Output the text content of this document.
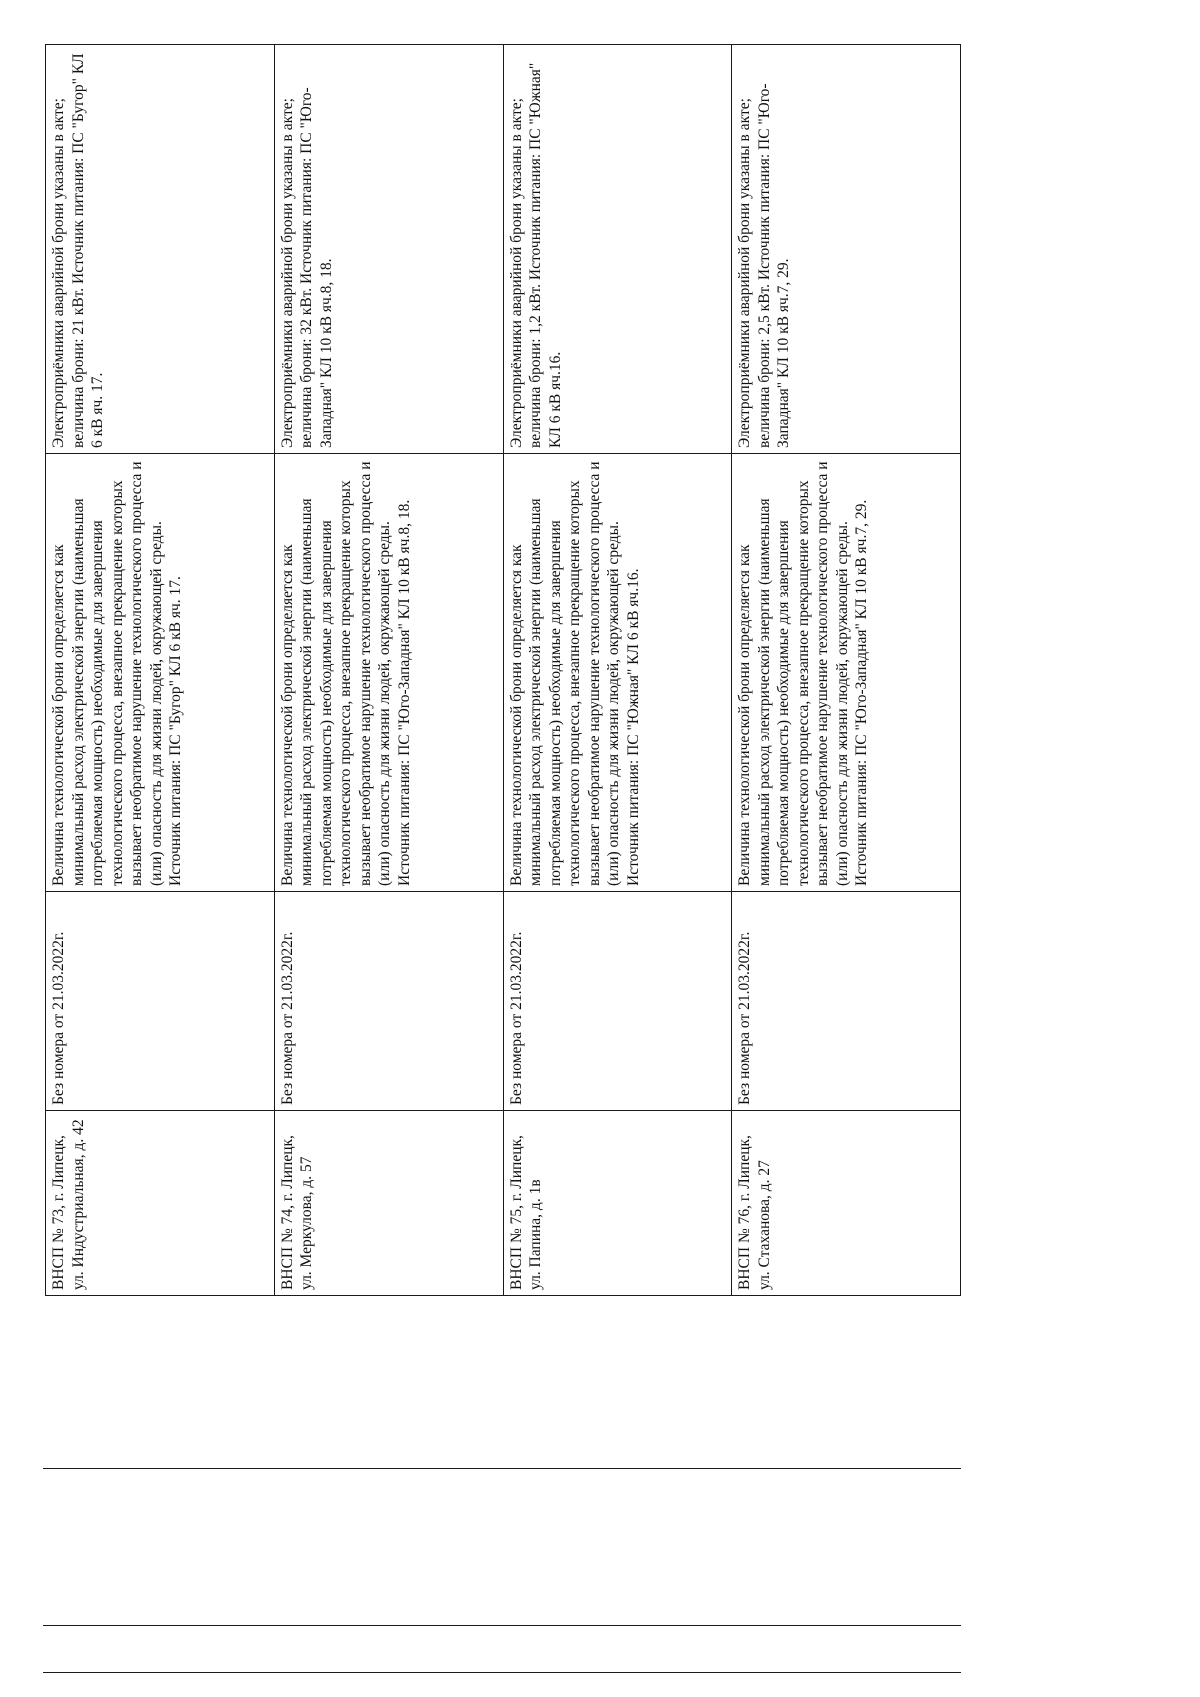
ВНСП № 73, г. Липецк, ул. Индустриальная, д. 42	Без номера от 21.03.2022г.	Величина технологической брони определяется как минимальный расход электрической энергии (наименьшая потребляемая мощность) необходимые для завершения технологического процесса, внезапное прекращение которых вызывает необратимое нарушение технологического процесса и (или) опасность для жизни людей, окружающей среды. Источник питания: ПС "Бугор" КЛ 6 кВ яч. 17.	Электроприёмники аварийной брони указаны в акте; величина брони: 21 кВт. Источник питания: ПС "Бугор" КЛ 6 кВ яч. 17.
ВНСП № 74, г. Липецк, ул. Меркулова, д. 57	Без номера от 21.03.2022г.	Величина технологической брони определяется как минимальный расход электрической энергии (наименьшая потребляемая мощность) необходимые для завершения технологического процесса, внезапное прекращение которых вызывает необратимое нарушение технологического процесса и (или) опасность для жизни людей, окружающей среды. Источник питания: ПС "Юго-Западная" КЛ 10 кВ яч.8, 18.	Электроприёмники аварийной брони указаны в акте; величина брони: 32 кВт. Источник питания: ПС "Юго-Западная" КЛ 10 кВ яч.8, 18.
ВНСП № 75, г. Липецк, ул. Папина, д. 1в	Без номера от 21.03.2022г.	Величина технологической брони определяется как минимальный расход электрической энергии (наименьшая потребляемая мощность) необходимые для завершения технологического процесса, внезапное прекращение которых вызывает необратимое нарушение технологического процесса и (или) опасность для жизни людей, окружающей среды. Источник питания: ПС "Южная" КЛ 6 кВ яч.16.	Электроприёмники аварийной брони указаны в акте; величина брони: 1,2 кВт. Источник питания: ПС "Южная" КЛ 6 кВ яч.16.
ВНСП № 76, г. Липецк, ул. Стаханова, д. 27	Без номера от 21.03.2022г.	Величина технологической брони определяется как минимальный расход электрической энергии (наименьшая потребляемая мощность) необходимые для завершения технологического процесса, внезапное прекращение которых вызывает необратимое нарушение технологического процесса и (или) опасность для жизни людей, окружающей среды. Источник питания: ПС "Юго-Западная" КЛ 10 кВ яч.7, 29.	Электроприёмники аварийной брони указаны в акте; величина брони: 2,5 кВт. Источник питания: ПС "Юго-Западная" КЛ 10 кВ яч.7, 29.
